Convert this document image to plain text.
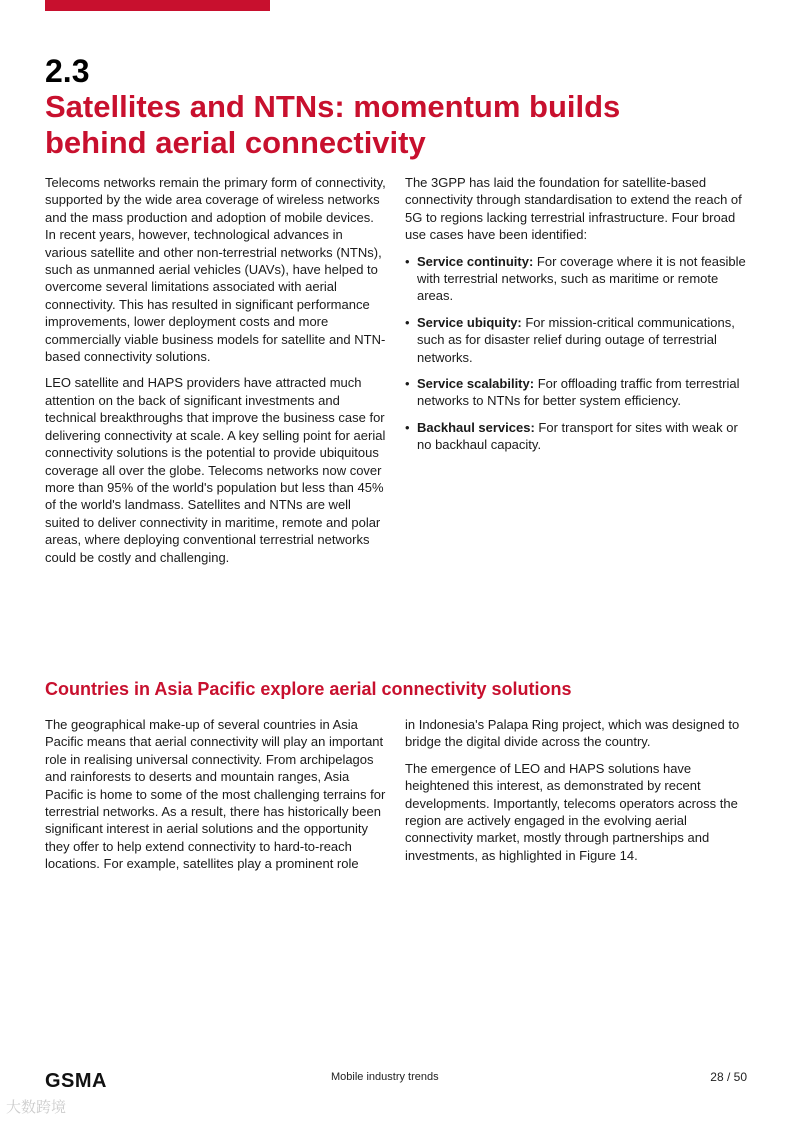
2.3
Satellites and NTNs: momentum builds
behind aerial connectivity

Telecoms networks remain the primary form of connectivity, supported by the wide area coverage of wireless networks and the mass production and adoption of mobile devices. In recent years, however, technological advances in various satellite and other non-terrestrial networks (NTNs), such as unmanned aerial vehicles (UAVs), have helped to overcome several limitations associated with aerial connectivity. This has resulted in significant performance improvements, lower deployment costs and more commercially viable business models for satellite and NTN-based connectivity solutions.

LEO satellite and HAPS providers have attracted much attention on the back of significant investments and technical breakthroughs that improve the business case for delivering connectivity at scale. A key selling point for aerial connectivity solutions is the potential to provide ubiquitous coverage all over the globe. Telecoms networks now cover more than 95% of the world's population but less than 45% of the world's landmass. Satellites and NTNs are well suited to deliver connectivity in maritime, remote and polar areas, where deploying conventional terrestrial networks could be costly and challenging.

The 3GPP has laid the foundation for satellite-based connectivity through standardisation to extend the reach of 5G to regions lacking terrestrial infrastructure. Four broad use cases have been identified:

• Service continuity: For coverage where it is not feasible with terrestrial networks, such as maritime or remote areas.
• Service ubiquity: For mission-critical communications, such as for disaster relief during outage of terrestrial networks.
• Service scalability: For offloading traffic from terrestrial networks to NTNs for better system efficiency.
• Backhaul services: For transport for sites with weak or no backhaul capacity.
Countries in Asia Pacific explore aerial connectivity solutions

The geographical make-up of several countries in Asia Pacific means that aerial connectivity will play an important role in realising universal connectivity. From archipelagos and rainforests to deserts and mountain ranges, Asia Pacific is home to some of the most challenging terrains for terrestrial networks. As a result, there has historically been significant interest in aerial solutions and the opportunity they offer to help extend connectivity to hard-to-reach locations. For example, satellites play a prominent role

in Indonesia's Palapa Ring project, which was designed to bridge the digital divide across the country.

The emergence of LEO and HAPS solutions have heightened this interest, as demonstrated by recent developments. Importantly, telecoms operators across the region are actively engaged in the evolving aerial connectivity market, mostly through partnerships and investments, as highlighted in Figure 14.

GSMA	Mobile industry trends	28 / 50
大数跨境
